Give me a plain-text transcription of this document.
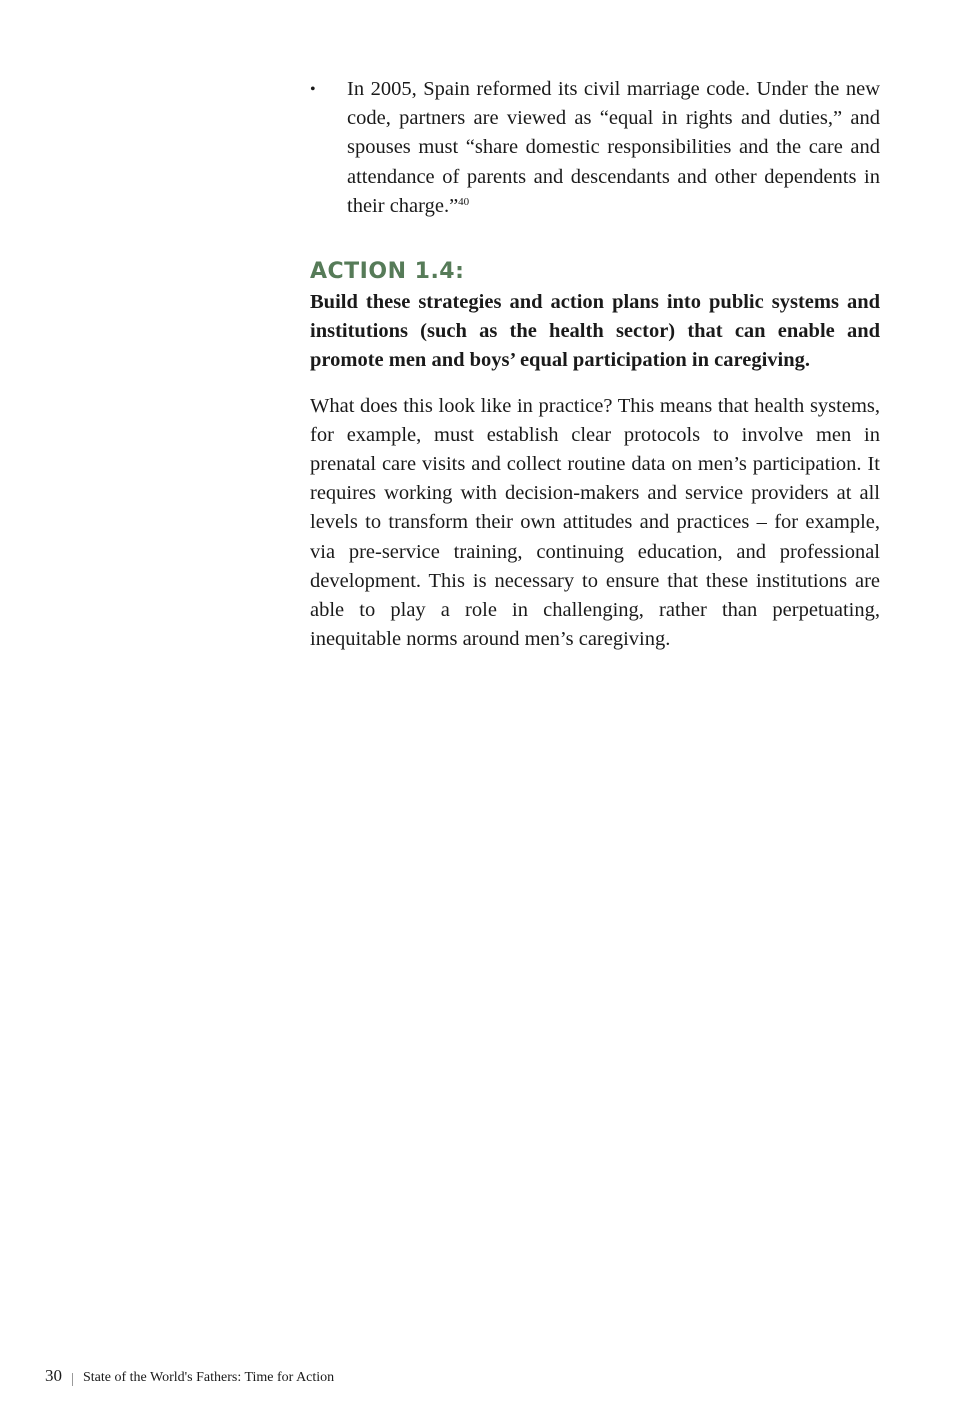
• In 2005, Spain reformed its civil marriage code. Under the new code, partners are viewed as “equal in rights and duties,” and spouses must “share domestic responsibilities and the care and attendance of parents and descendants and other dependents in their charge.”$^{40}$
ACTION 1.4:

Build these strategies and action plans into public systems and institutions (such as the health sector) that can enable and promote men and boys’ equal participation in caregiving.

What does this look like in practice? This means that health systems, for example, must establish clear protocols to involve men in prenatal care visits and collect routine data on men’s participation. It requires working with decision-makers and service providers at all levels to transform their own attitudes and practices – for example, via pre-service training, continuing education, and professional development. This is necessary to ensure that these institutions are able to play a role in challenging, rather than perpetuating, inequitable norms around men’s caregiving.

30 State of the World's Fathers: Time for Action
